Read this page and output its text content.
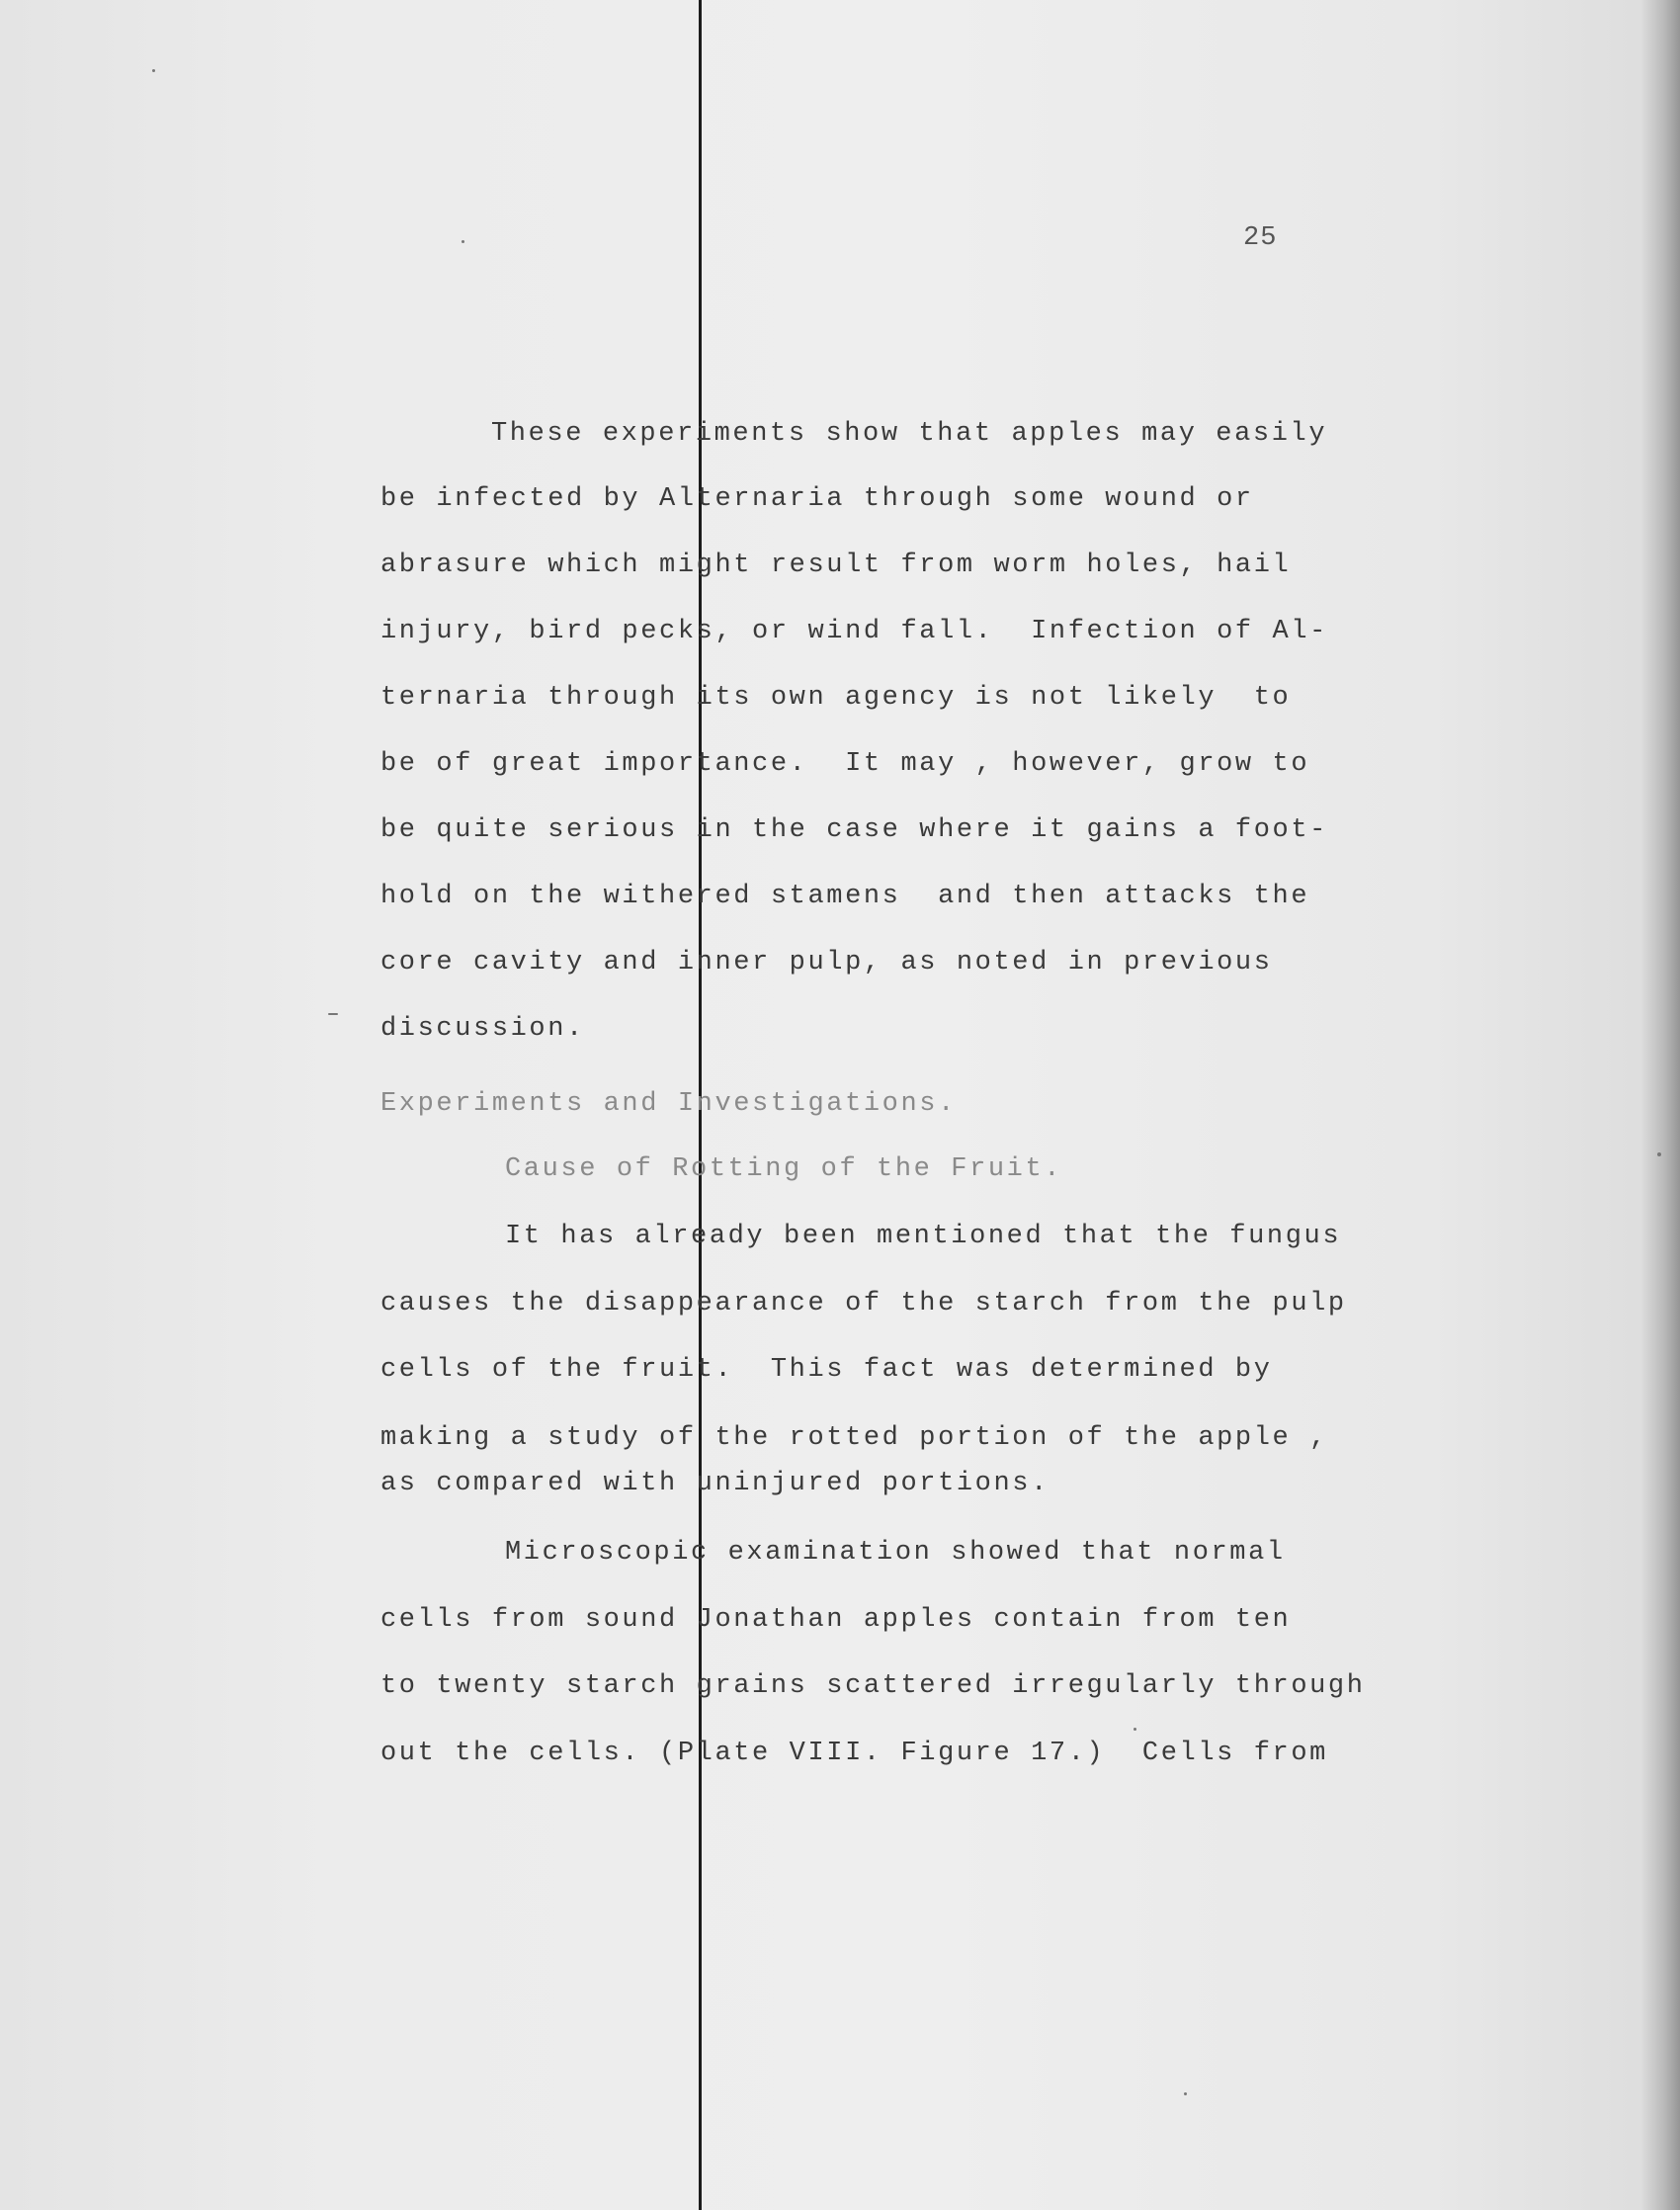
25
These experiments show that apples may easily
be infected by Alternaria through some wound or
abrasure which might result from worm holes, hail
injury, bird pecks, or wind fall.  Infection of Al-
ternaria through its own agency is not likely  to
be of great importance.  It may , however, grow to
be quite serious in the case where it gains a foot-
hold on the withered stamens  and then attacks the
core cavity and inner pulp, as noted in previous
discussion.
Experiments and Investigations.
Cause of Rotting of the Fruit.
It has already been mentioned that the fungus
causes the disappearance of the starch from the pulp
cells of the fruit.  This fact was determined by
making a study of the rotted portion of the apple ,
as compared with uninjured portions.
Microscopic examination showed that normal
cells from sound Jonathan apples contain from ten
to twenty starch grains scattered irregularly through
out the cells. (Plate VIII. Figure 17.)  Cells from
